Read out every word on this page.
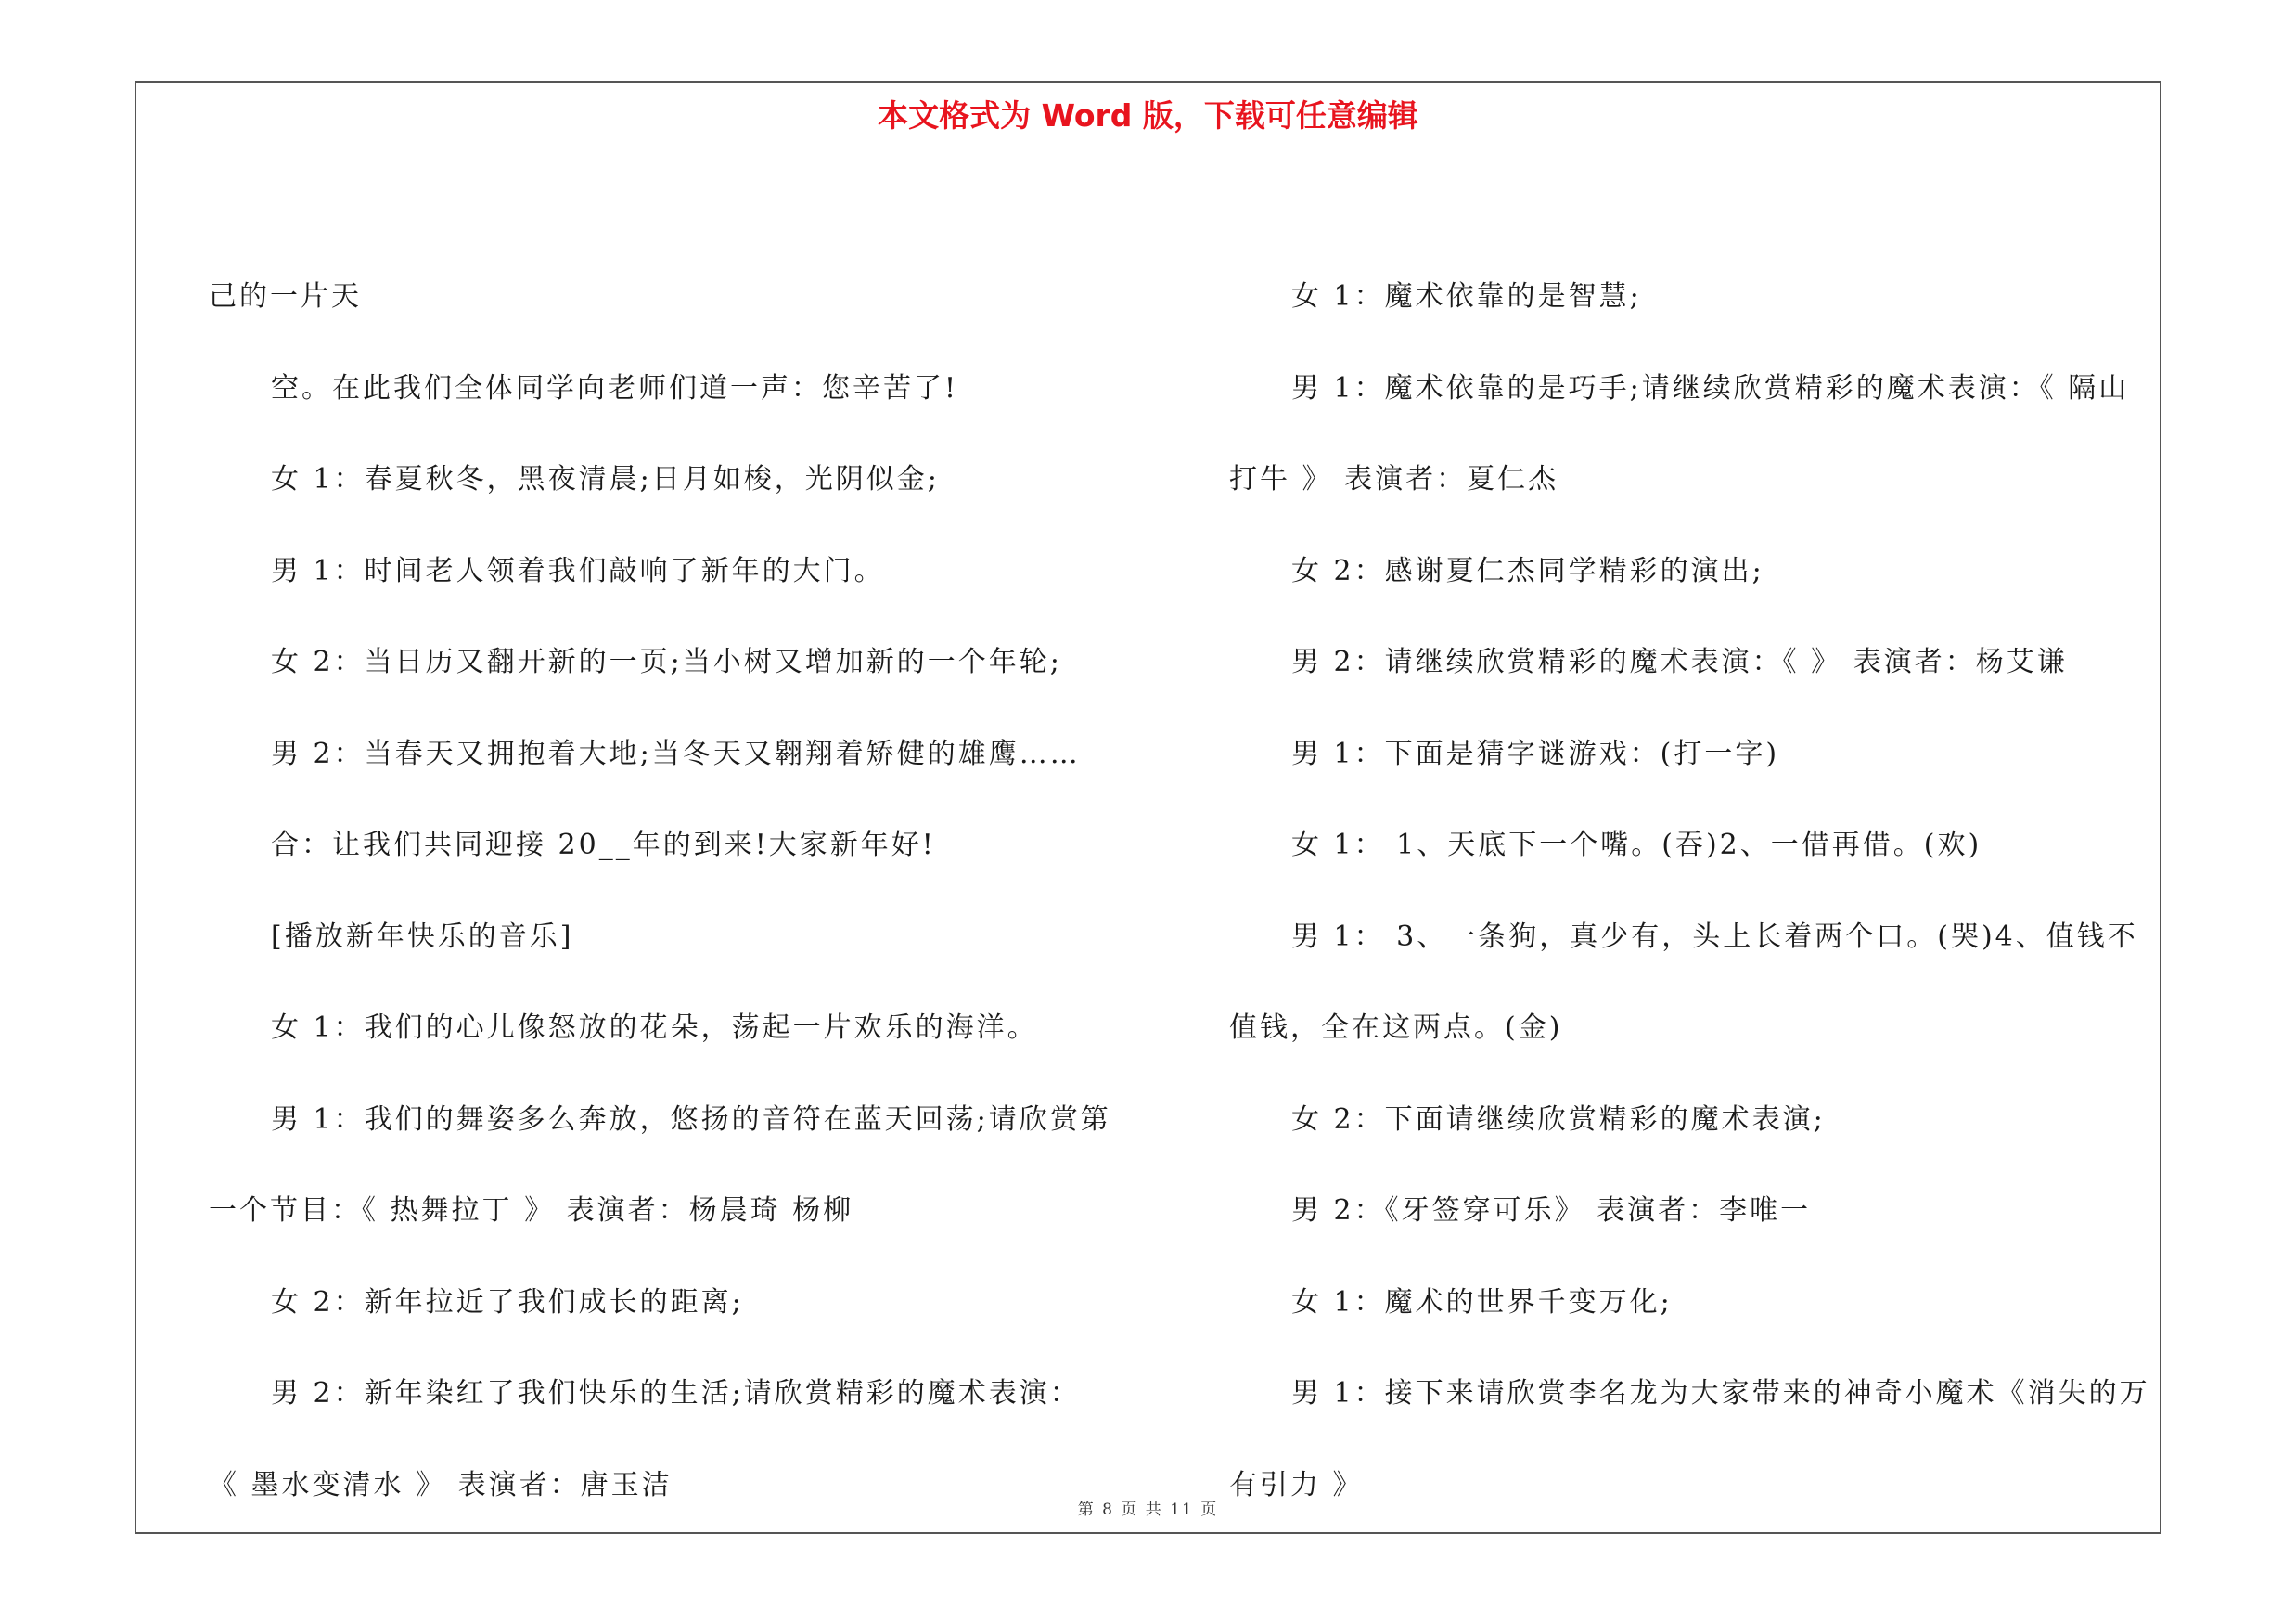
本文格式为 Word 版，下载可任意编辑
己的一片天
空。在此我们全体同学向老师们道一声：您辛苦了!
女 1：春夏秋冬，黑夜清晨;日月如梭，光阴似金;
男 1：时间老人领着我们敲响了新年的大门。
女 2：当日历又翻开新的一页;当小树又增加新的一个年轮;
男 2：当春天又拥抱着大地;当冬天又翱翔着矫健的雄鹰……
合：让我们共同迎接 20__年的到来!大家新年好!
[播放新年快乐的音乐]
女 1：我们的心儿像怒放的花朵，荡起一片欢乐的海洋。
男 1：我们的舞姿多么奔放，悠扬的音符在蓝天回荡;请欣赏第
一个节目：《 热舞拉丁 》 表演者：杨晨琦 杨柳
女 2：新年拉近了我们成长的距离;
男 2：新年染红了我们快乐的生活;请欣赏精彩的魔术表演：
《 墨水变清水 》 表演者：唐玉洁
女 1：魔术依靠的是智慧;
男 1：魔术依靠的是巧手;请继续欣赏精彩的魔术表演：《 隔山
打牛 》 表演者：夏仁杰
女 2：感谢夏仁杰同学精彩的演出;
男 2：请继续欣赏精彩的魔术表演：《 》 表演者：杨艾谦
男 1：下面是猜字谜游戏：(打一字)
女 1： 1、天底下一个嘴。(吞)2、一借再借。(欢)
男 1： 3、一条狗，真少有，头上长着两个口。(哭)4、值钱不
值钱，全在这两点。(金)
女 2：下面请继续欣赏精彩的魔术表演;
男 2：《牙签穿可乐》 表演者：李唯一
女 1：魔术的世界千变万化;
男 1：接下来请欣赏李名龙为大家带来的神奇小魔术《消失的万
有引力 》
第 8 页 共 11 页
